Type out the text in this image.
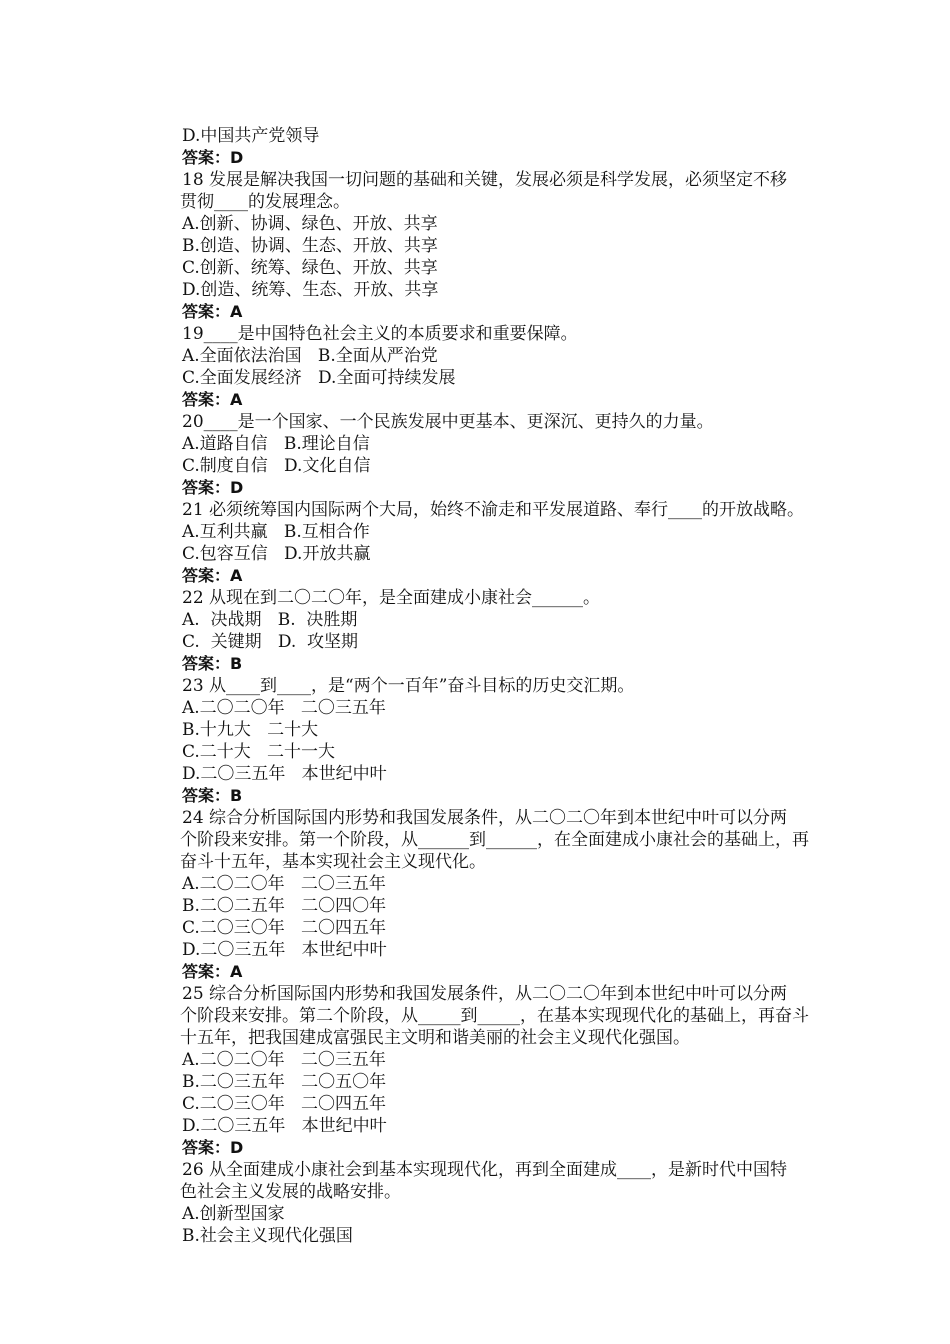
D.中国共产党领导
答案：D
18 发展是解决我国一切问题的基础和关键，发展必须是科学发展，必须坚定不移
贯彻____的发展理念。
A.创新、协调、绿色、开放、共享
B.创造、协调、生态、开放、共享
C.创新、统筹、绿色、开放、共享
D.创造、统筹、生态、开放、共享
答案：A
19____是中国特色社会主义的本质要求和重要保障。
A.全面依法治国   B.全面从严治党
C.全面发展经济   D.全面可持续发展
答案：A
20____是一个国家、一个民族发展中更基本、更深沉、更持久的力量。
A.道路自信   B.理论自信
C.制度自信   D.文化自信
答案：D
21 必须统筹国内国际两个大局，始终不渝走和平发展道路、奉行____的开放战略。
A.互利共赢   B.互相合作
C.包容互信   D.开放共赢
答案：A
22 从现在到二〇二〇年，是全面建成小康社会______。
A.  决战期   B.  决胜期
C.  关键期   D.  攻坚期
答案：B
23 从____到____，是“两个一百年”奋斗目标的历史交汇期。
A.二〇二〇年   二〇三五年
B.十九大   二十大
C.二十大   二十一大
D.二〇三五年   本世纪中叶
答案：B
24 综合分析国际国内形势和我国发展条件，从二〇二〇年到本世纪中叶可以分两
个阶段来安排。第一个阶段，从______到______，在全面建成小康社会的基础上，再
奋斗十五年，基本实现社会主义现代化。
A.二〇二〇年   二〇三五年
B.二〇二五年   二〇四〇年
C.二〇三〇年   二〇四五年
D.二〇三五年   本世纪中叶
答案：A
25 综合分析国际国内形势和我国发展条件，从二〇二〇年到本世纪中叶可以分两
个阶段来安排。第二个阶段，从_____到_____，在基本实现现代化的基础上，再奋斗
十五年，把我国建成富强民主文明和谐美丽的社会主义现代化强国。
A.二〇二〇年   二〇三五年
B.二〇三五年   二〇五〇年
C.二〇三〇年   二〇四五年
D.二〇三五年   本世纪中叶
答案：D
26 从全面建成小康社会到基本实现现代化，再到全面建成____，是新时代中国特
色社会主义发展的战略安排。
A.创新型国家
B.社会主义现代化强国
